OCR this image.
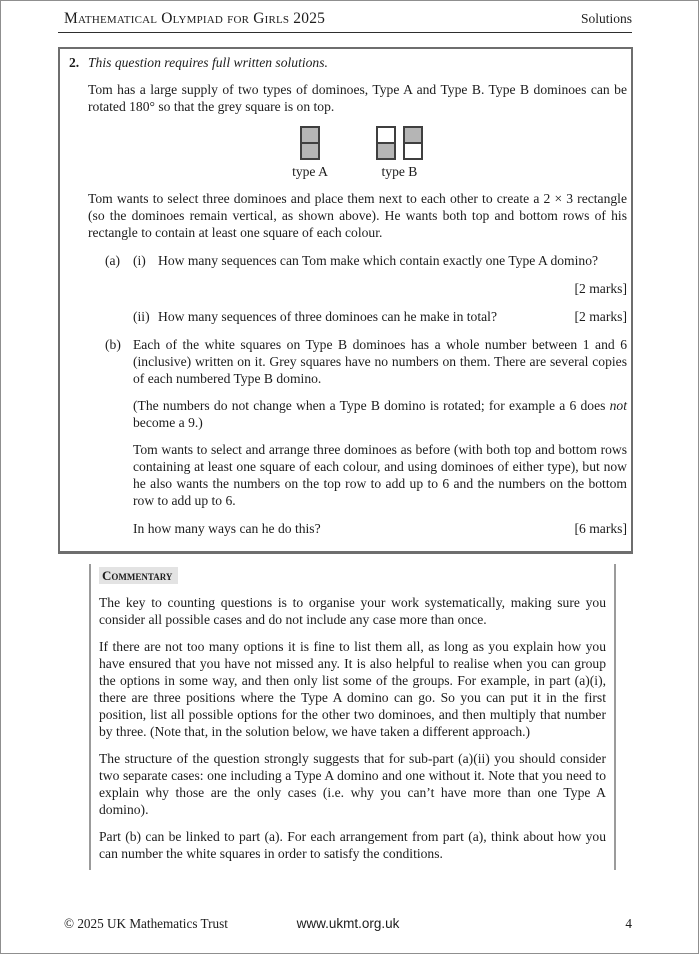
Mathematical Olympiad for Girls 2025	Solutions
2. This question requires full written solutions.
Tom has a large supply of two types of dominoes, Type A and Type B. Type B dominoes can be rotated 180° so that the grey square is on top.
type A	type B
Tom wants to select three dominoes and place them next to each other to create a 2 × 3 rectangle (so the dominoes remain vertical, as shown above). He wants both top and bottom rows of his rectangle to contain at least one square of each colour.
(a) (i) How many sequences can Tom make which contain exactly one Type A domino?
[2 marks]
(ii) How many sequences of three dominoes can he make in total?	[2 marks]
(b) Each of the white squares on Type B dominoes has a whole number between 1 and 6 (inclusive) written on it. Grey squares have no numbers on them. There are several copies of each numbered Type B domino.
(The numbers do not change when a Type B domino is rotated; for example a 6 does not become a 9.)
Tom wants to select and arrange three dominoes as before (with both top and bottom rows containing at least one square of each colour, and using dominoes of either type), but now he also wants the numbers on the top row to add up to 6 and the numbers on the bottom row to add up to 6.
In how many ways can he do this?	[6 marks]
Commentary
The key to counting questions is to organise your work systematically, making sure you consider all possible cases and do not include any case more than once.
If there are not too many options it is fine to list them all, as long as you explain how you have ensured that you have not missed any. It is also helpful to realise when you can group the options in some way, and then only list some of the groups. For example, in part (a)(i), there are three positions where the Type A domino can go. So you can put it in the first position, list all possible options for the other two dominoes, and then multiply that number by three. (Note that, in the solution below, we have taken a different approach.)
The structure of the question strongly suggests that for sub-part (a)(ii) you should consider two separate cases: one including a Type A domino and one without it. Note that you need to explain why those are the only cases (i.e. why you can’t have more than one Type A domino).
Part (b) can be linked to part (a). For each arrangement from part (a), think about how you can number the white squares in order to satisfy the conditions.
© 2025 UK Mathematics Trust	www.ukmt.org.uk	4
